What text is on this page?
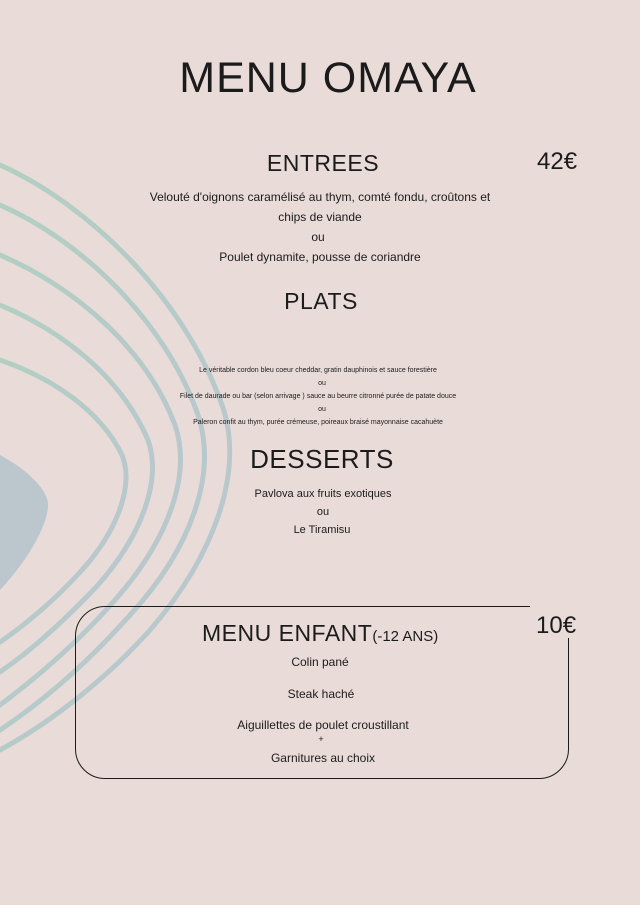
MENU OMAYA
42€
ENTREES
Velouté d'oignons caramélisé au thym, comté fondu, croûtons et
chips de viande
ou
Poulet dynamite, pousse de coriandre
PLATS
Le véritable cordon bleu coeur cheddar, gratin dauphinois et sauce forestière
ou
Filet de daurade ou bar (selon arrivage ) sauce au beurre citronné purée de patate douce
ou
Paleron confit au thym, purée crémeuse, poireaux braisé mayonnaise cacahuète
DESSERTS
Pavlova aux fruits exotiques
ou
Le Tiramisu
10€
MENU ENFANT(-12 ANS)
Colin pané
Steak haché
Aiguillettes de poulet croustillant
+
Garnitures au choix
